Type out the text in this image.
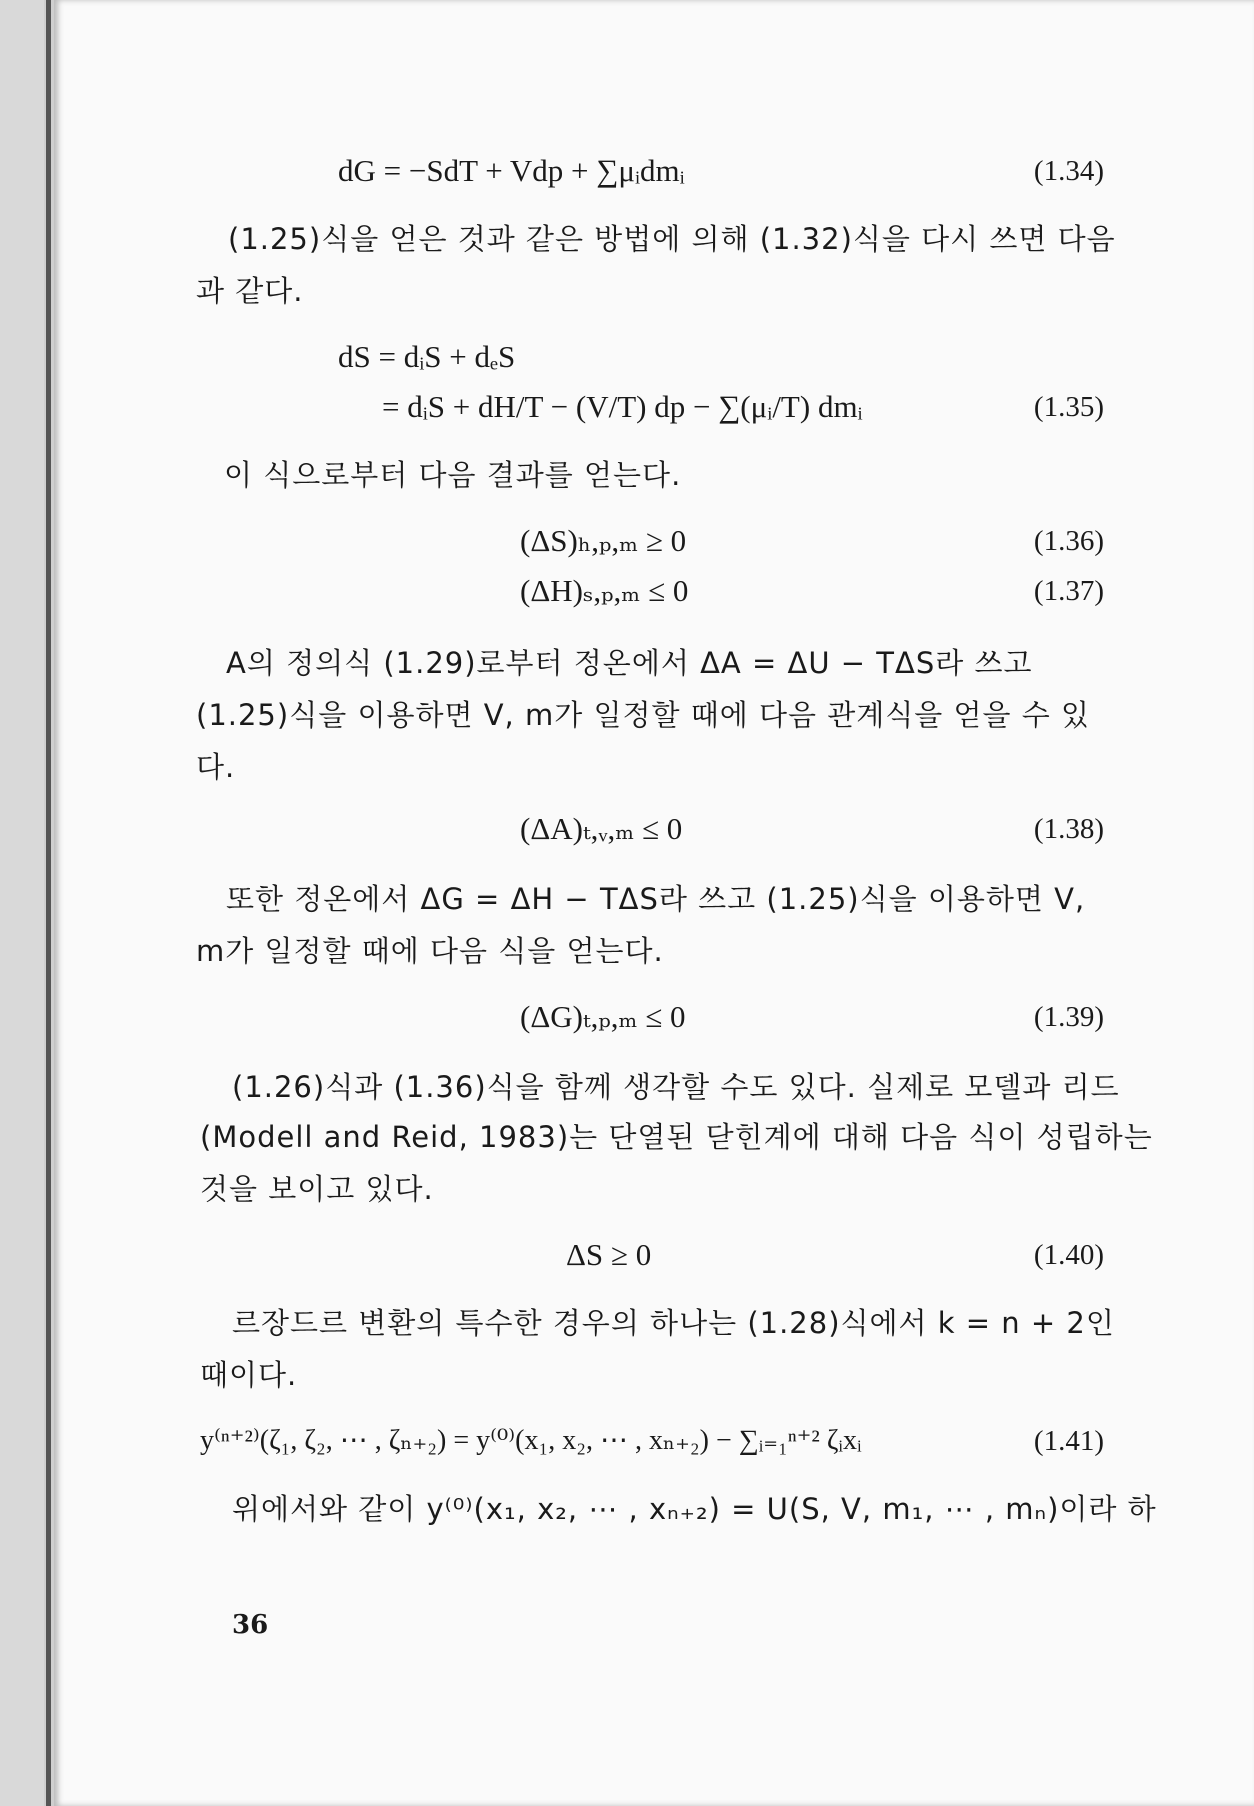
dG = −SdT + Vdp + ∑μᵢdmᵢ	(1.34)
(1.25)식을 얻은 것과 같은 방법에 의해 (1.32)식을 다시 쓰면 다음
과 같다.
dS = dᵢS + dₑS
= dᵢS + dH/T − (V/T) dp − ∑(μᵢ/T) dmᵢ	(1.35)
이 식으로부터 다음 결과를 얻는다.
(ΔS)ₕ,ₚ,ₘ ≥ 0	(1.36)
(ΔH)ₛ,ₚ,ₘ ≤ 0	(1.37)
A의 정의식 (1.29)로부터 정온에서 ΔA = ΔU − TΔS라 쓰고
(1.25)식을 이용하면 V, m가 일정할 때에 다음 관계식을 얻을 수 있
다.
(ΔA)ₜ,ᵥ,ₘ ≤ 0	(1.38)
또한 정온에서 ΔG = ΔH − TΔS라 쓰고 (1.25)식을 이용하면 V,
m가 일정할 때에 다음 식을 얻는다.
(ΔG)ₜ,ₚ,ₘ ≤ 0	(1.39)
(1.26)식과 (1.36)식을 함께 생각할 수도 있다. 실제로 모델과 리드
(Modell and Reid, 1983)는 단열된 닫힌계에 대해 다음 식이 성립하는
것을 보이고 있다.
ΔS ≥ 0	(1.40)
르장드르 변환의 특수한 경우의 하나는 (1.28)식에서 k = n + 2인
때이다.
y⁽ⁿ⁺²⁾(ζ₁, ζ₂, ⋯ , ζₙ₊₂) = y⁽⁰⁾(x₁, x₂, ⋯ , xₙ₊₂) − ∑ᵢ₌₁ⁿ⁺² ζᵢxᵢ	(1.41)
위에서와 같이 y⁽⁰⁾(x₁, x₂, ⋯ , xₙ₊₂) = U(S, V, m₁, ⋯ , mₙ)이라 하
36
